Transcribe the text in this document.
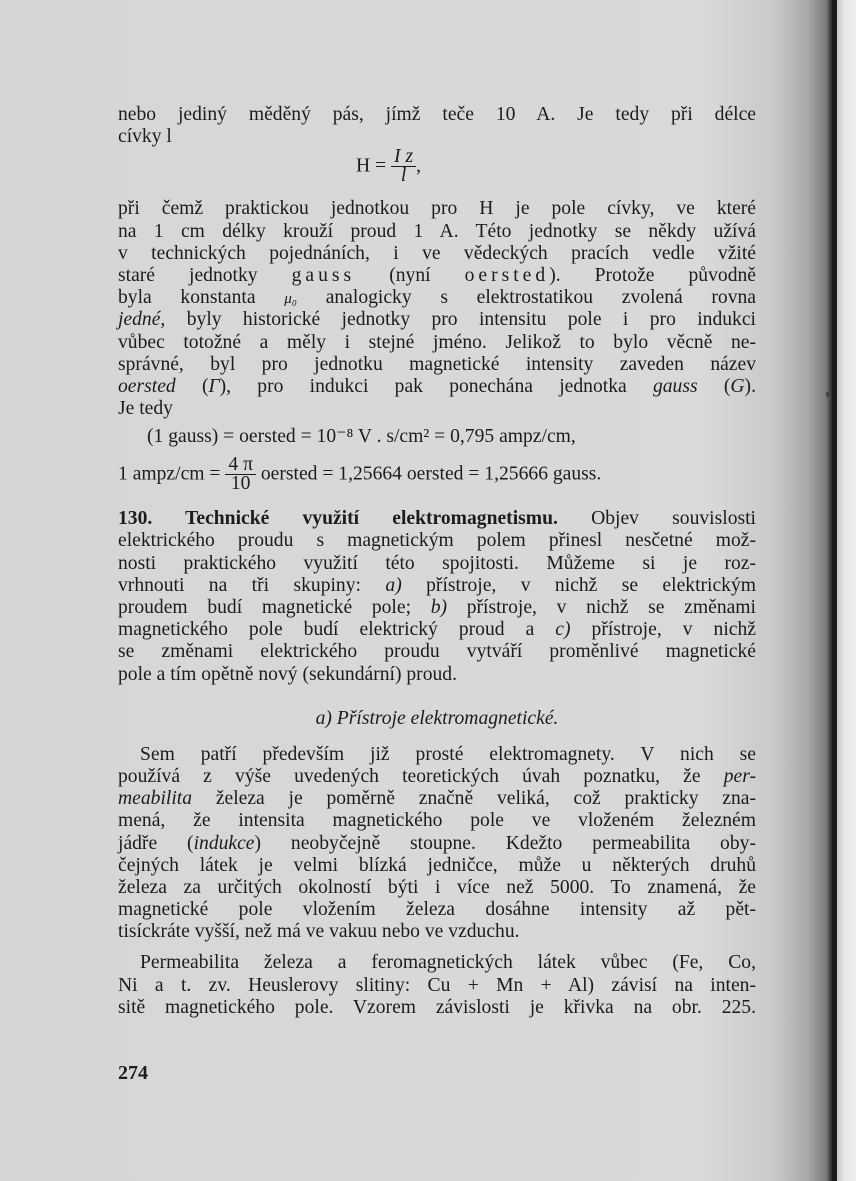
nebo jediný měděný pás, jímž teče 10 A. Je tedy při délce
cívky l
$H = \frac{\text{I z}}{l}$ ,
při čemž praktickou jednotkou pro H je pole cívky, ve které
na 1 cm délky krouží proud 1 A. Této jednotky se někdy užívá
v technických pojednáních, i ve vědeckých pracích vedle vžité
staré jednotky gauss (nyní oersted). Protože původně
byla konstanta μ₀ analogicky s elektrostatikou zvolená rovna
jedné, byly historické jednotky pro intensitu pole i pro indukci
vůbec totožné a měly i stejné jméno. Jelikož to bylo věcně ne-
správné, byl pro jednotku magnetické intensity zaveden název
oersted (Γ), pro indukci pak ponechána jednotka gauss (G).
Je tedy
(1 gauss) = oersted = 10⁻⁸ V . s/cm² = 0,795 ampz/cm,
1 ampz/cm = $\frac{4 \pi}{10}$ oersted = 1,25664 oersted = 1,25666 gauss.
130. Technické využití elektromagnetismu. Objev souvislosti
elektrického proudu s magnetickým polem přinesl nesčetné mož-
nosti praktického využití této spojitosti. Můžeme si je roz-
vrhnouti na tři skupiny: a) přístroje, v nichž se elektrickým
proudem budí magnetické pole; b) přístroje, v nichž se změnami
magnetického pole budí elektrický proud a c) přístroje, v nichž
se změnami elektrického proudu vytváří proměnlivé magnetické
pole a tím opětně nový (sekundární) proud.
a) Přístroje elektromagnetické.
Sem patří především již prosté elektromagnety. V nich se
používá z výše uvedených teoretických úvah poznatku, že per-
meabilita železa je poměrně značně veliká, což prakticky zna-
mená, že intensita magnetického pole ve vloženém železném
jádře (indukce) neobyčejně stoupne. Kdežto permeabilita oby-
čejných látek je velmi blízká jedničce, může u některých druhů
železa za určitých okolností býti i více než 5000. To znamená, že
magnetické pole vložením železa dosáhne intensity až pět-
tisíckráte vyšší, než má ve vakuu nebo ve vzduchu.
Permeabilita železa a feromagnetických látek vůbec (Fe, Co,
Ni a t. zv. Heuslerovy slitiny: Cu + Mn + Al) závisí na inten-
sitě magnetického pole. Vzorem závislosti je křivka na obr. 225.
274
